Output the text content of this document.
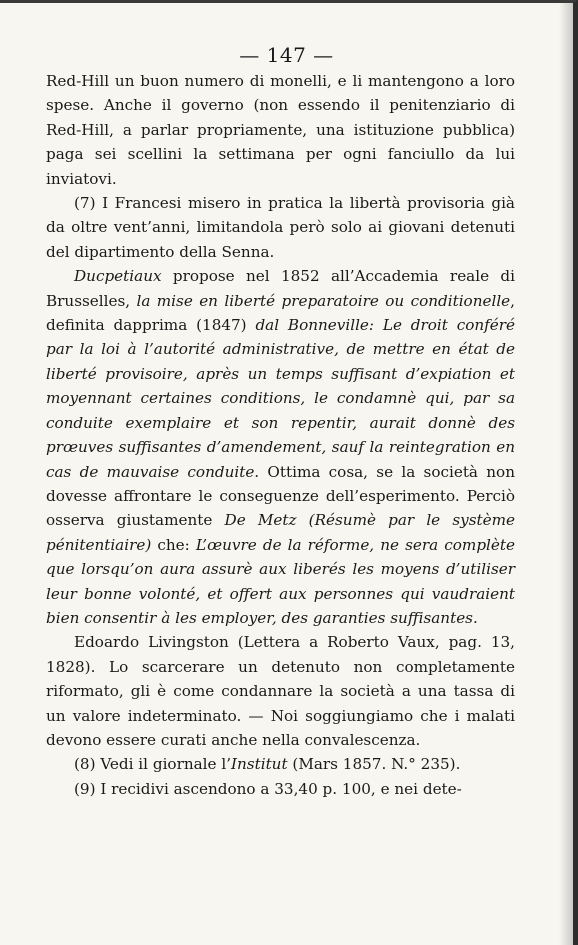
— 147 —

Red-Hill un buon numero di monelli, e li mantengono a loro spese. Anche il governo (non essendo il penitenziario di Red-Hill, a parlar propriamente, una istituzione pubblica) paga sei scellini la settimana per ogni fanciullo da lui inviatovi.

(7) I Francesi misero in pratica la libertà provisoria già da oltre vent’anni, limitandola però solo ai giovani detenuti del dipartimento della Senna.

Ducpetiaux propose nel 1852 all’Accademia reale di Brusselles, la mise en liberté preparatoire ou conditionelle, definita dapprima (1847) dal Bonneville: Le droit conféré par la loi à l’autorité administrative, de mettre en état de liberté provisoire, après un temps suffisant d’expiation et moyennant certaines conditions, le condamnè qui, par sa conduite exemplaire et son repentir, aurait donnè des prœuves suffisantes d’amendement, sauf la reintegration en cas de mauvaise conduite. Ottima cosa, se la società non dovesse affrontare le conseguenze dell’esperimento. Perciò osserva giustamente De Metz (Résumè par le système pénitentiaire) che: L’œuvre de la réforme, ne sera complète que lorsqu’on aura assurè aux liberés les moyens d’utiliser leur bonne volonté, et offert aux personnes qui vaudraient bien consentir à les employer, des garanties suffisantes.

Edoardo Livingston (Lettera a Roberto Vaux, pag. 13, 1828). Lo scarcerare un detenuto non completamente riformato, gli è come condannare la società a una tassa di un valore indeterminato. — Noi soggiungiamo che i malati devono essere curati anche nella convalescenza.

(8) Vedi il giornale l’Institut (Mars 1857. N.° 235).

(9) I recidivi ascendono a 33,40 p. 100, e nei dete-
